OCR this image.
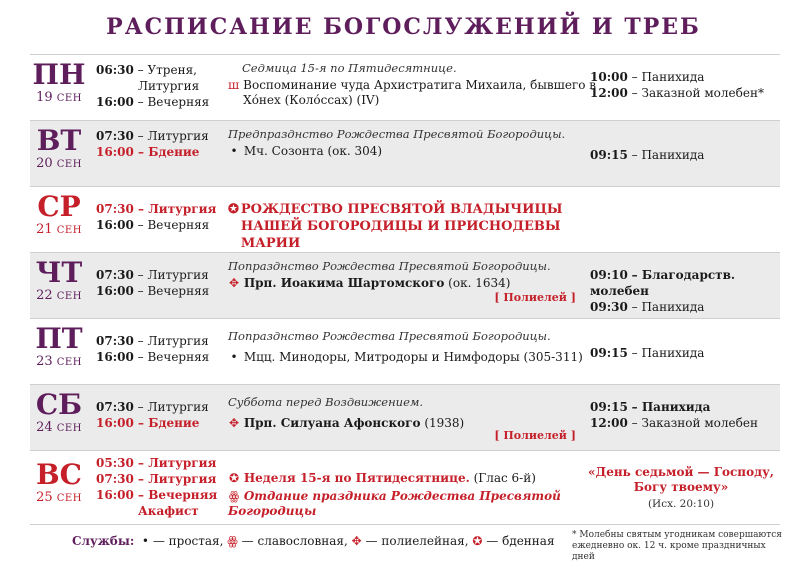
РАСПИСАНИЕ БОГОСЛУЖЕНИЙ И ТРЕБ
ПН
19 СЕН
06:30 – Утреня,
Литургия
16:00 – Вечерняя
Седмица 15-я по Пятидесятнице.
ш Воспоминание чуда Архистратига Михаила, бывшего в Хо́нех (Коло́ссах) (IV)
10:00 – Панихида
12:00 – Заказной молебен*
ВТ
20 СЕН
07:30 – Литургия
16:00 – Бдение
Предпразднство Рождества Пресвятой Богородицы.
• Мч. Созонта (ок. 304)	09:15 – Панихида
СР
21 СЕН
07:30 – Литургия
16:00 – Вечерняя
✪ РОЖДЕСТВО ПРЕСВЯТОЙ ВЛАДЫЧИЦЫ НАШЕЙ БОГОРОДИЦЫ И ПРИСНОДЕВЫ МАРИИ
ЧТ
22 СЕН
07:30 – Литургия
16:00 – Вечерняя
Попразднство Рождества Пресвятой Богородицы.
✥ Прп. Иоакима Шартомского (ок. 1634)
[ Полиелей ]
09:10 – Благодарств. молебен
09:30 – Панихида
ПТ
23 СЕН
07:30 – Литургия
16:00 – Вечерняя
Попразднство Рождества Пресвятой Богородицы.
• Мцц. Минодоры, Митродоры и Нимфодоры (305-311) 09:15 – Панихида
СБ
24 СЕН
07:30 – Литургия
16:00 – Бдение
Суббота перед Воздвижением.
✥ Прп. Силуана Афонского (1938)
[ Полиелей ]
09:15 – Панихида
12:00 – Заказной молебен
ВС
25 СЕН
05:30 – Литургия
07:30 – Литургия
16:00 – Вечерняя
Акафист
✪ Неделя 15-я по Пятидесятнице. (Глас 6-й)
ꙮ Отдание праздника Рождества Пресвятой Богородицы
«День седьмой — Господу, Богу твоему»
(Исх. 20:10)
Службы: • — простая, ꙮ — славословная, ✥ — полиелейная, ✪ — бденная * Молебны святым угодникам совершаются ежедневно ок. 12 ч. кроме праздничных дней
